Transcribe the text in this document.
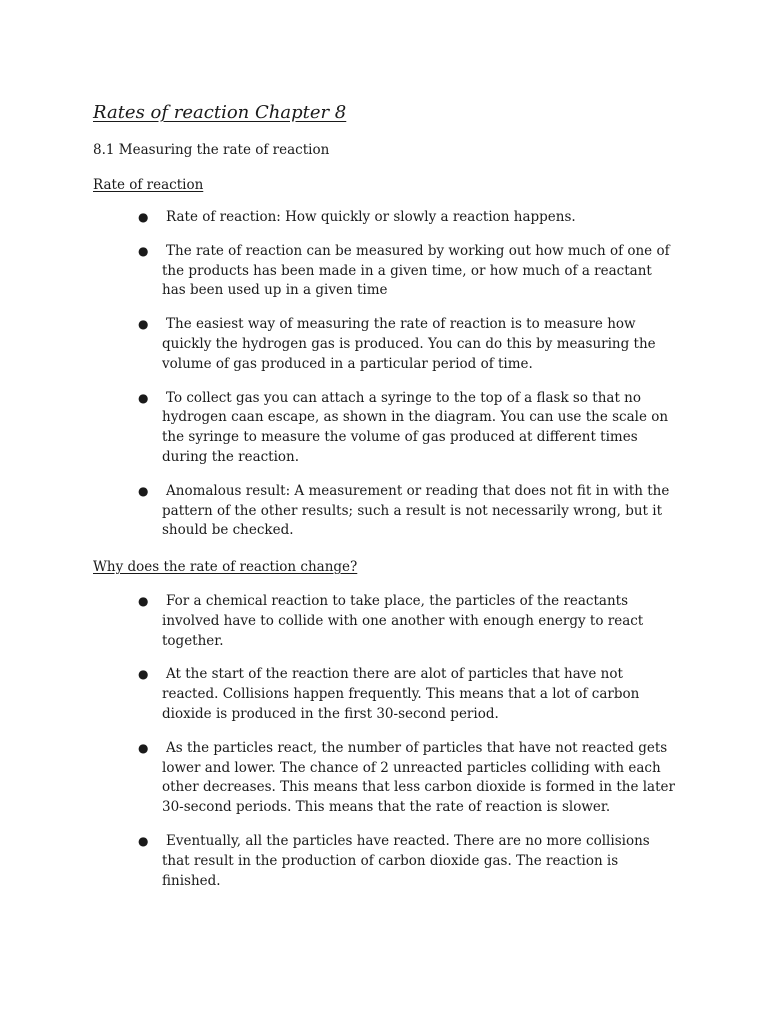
Rates of reaction Chapter 8

8.1 Measuring the rate of reaction

Rate of reaction
● Rate of reaction: How quickly or slowly a reaction happens.
● The rate of reaction can be measured by working out how much of one of the products has been made in a given time, or how much of a reactant has been used up in a given time
● The easiest way of measuring the rate of reaction is to measure how quickly the hydrogen gas is produced. You can do this by measuring the volume of gas produced in a particular period of time.
● To collect gas you can attach a syringe to the top of a flask so that no hydrogen caan escape, as shown in the diagram. You can use the scale on the syringe to measure the volume of gas produced at different times during the reaction.
● Anomalous result: A measurement or reading that does not fit in with the pattern of the other results; such a result is not necessarily wrong, but it should be checked.
Why does the rate of reaction change?
● For a chemical reaction to take place, the particles of the reactants involved have to collide with one another with enough energy to react together.
● At the start of the reaction there are alot of particles that have not reacted. Collisions happen frequently. This means that a lot of carbon dioxide is produced in the first 30-second period.
● As the particles react, the number of particles that have not reacted gets lower and lower. The chance of 2 unreacted particles colliding with each other decreases. This means that less carbon dioxide is formed in the later 30-second periods. This means that the rate of reaction is slower.
● Eventually, all the particles have reacted. There are no more collisions that result in the production of carbon dioxide gas. The reaction is finished.
